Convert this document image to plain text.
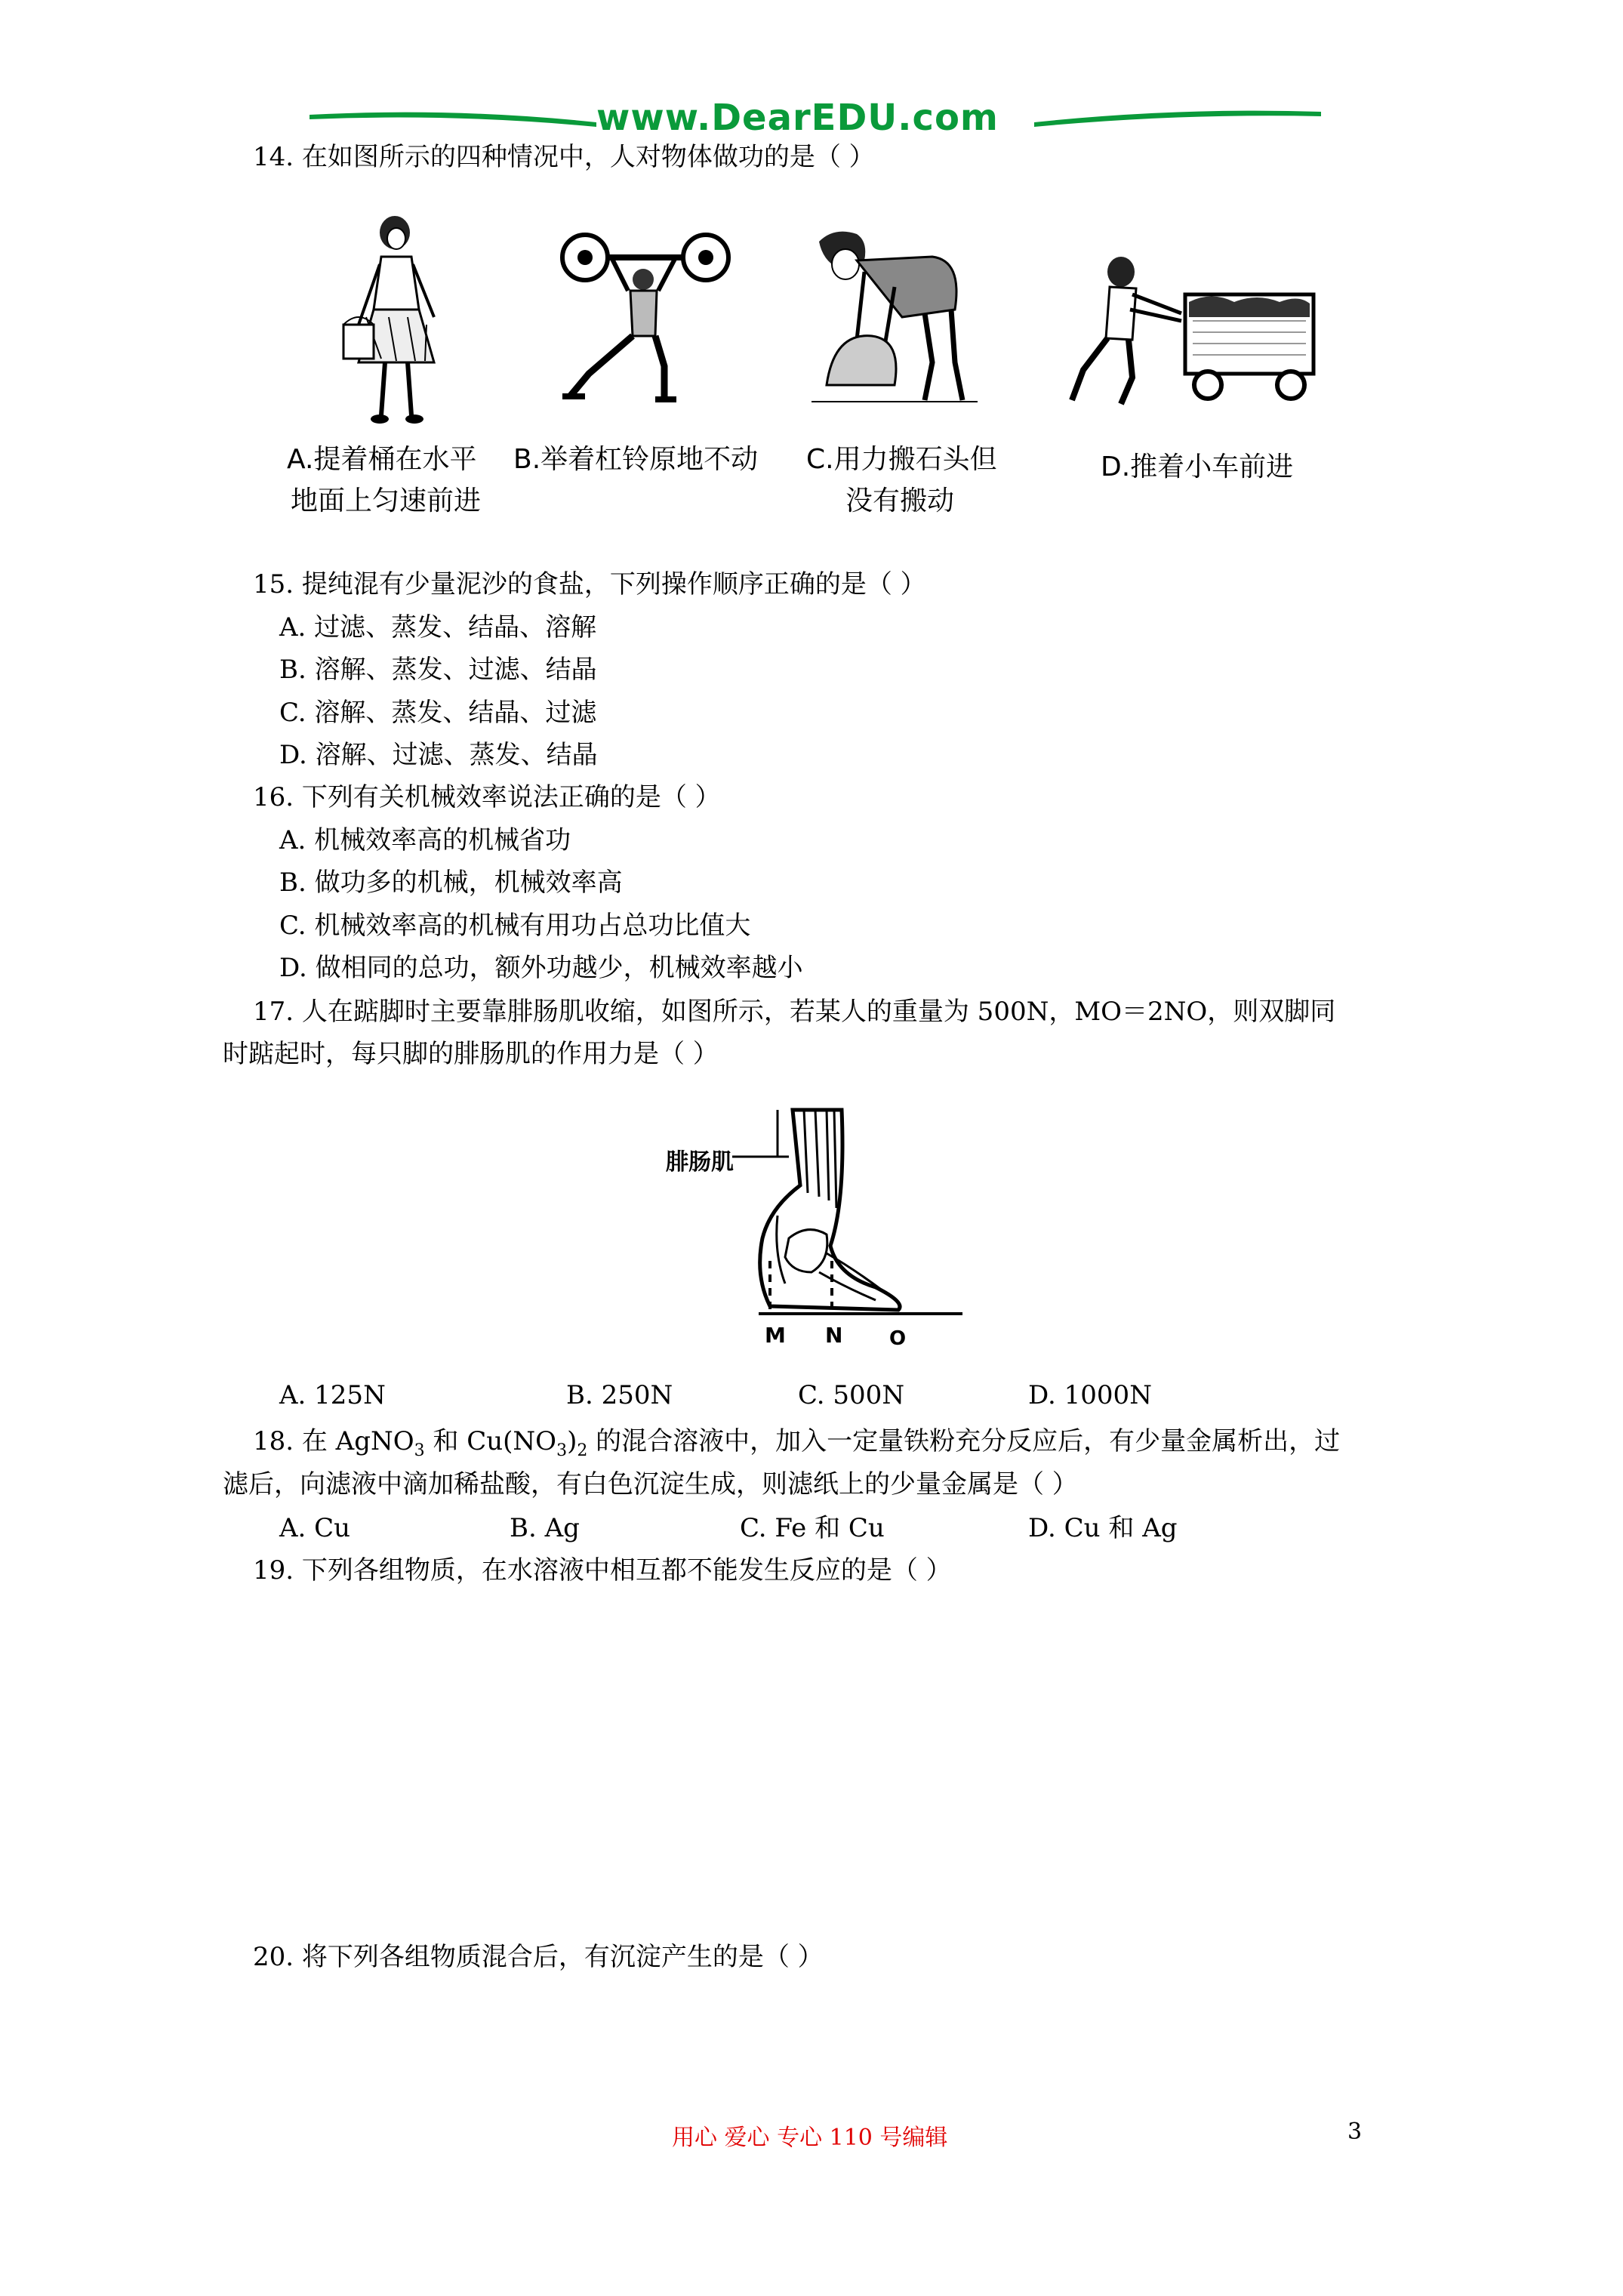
www.DearEDU.com
14. 在如图所示的四种情况中，人对物体做功的是（ ）
A.提着桶在水平
地面上匀速前进
B.举着杠铃原地不动 C.用力搬石头但
没有搬动
D.推着小车前进
15. 提纯混有少量泥沙的食盐，下列操作顺序正确的是（ ）
A. 过滤、蒸发、结晶、溶解
B. 溶解、蒸发、过滤、结晶
C. 溶解、蒸发、结晶、过滤
D. 溶解、过滤、蒸发、结晶
16. 下列有关机械效率说法正确的是（ ）
A. 机械效率高的机械省功
B. 做功多的机械，机械效率高
C. 机械效率高的机械有用功占总功比值大
D. 做相同的总功，额外功越少，机械效率越小
17. 人在踮脚时主要靠腓肠肌收缩，如图所示，若某人的重量为 500N，MO＝2NO，则双脚同
时踮起时，每只脚的腓肠肌的作用力是（ ）
腓肠肌
M N O
A. 125N	B. 250N	C. 500N	D. 1000N
18. 在 AgNO$_3$ 和 $Cu(NO_3)_2$ 的混合溶液中，加入一定量铁粉充分反应后，有少量金属析出，过
滤后，向滤液中滴加稀盐酸，有白色沉淀生成，则滤纸上的少量金属是（ ）
A. Cu	B. Ag	C. Fe 和 Cu	D. Cu 和 Ag
19. 下列各组物质，在水溶液中相互都不能发生反应的是（ ）
20. 将下列各组物质混合后，有沉淀产生的是（ ）
用心 爱心 专心 110 号编辑	3
